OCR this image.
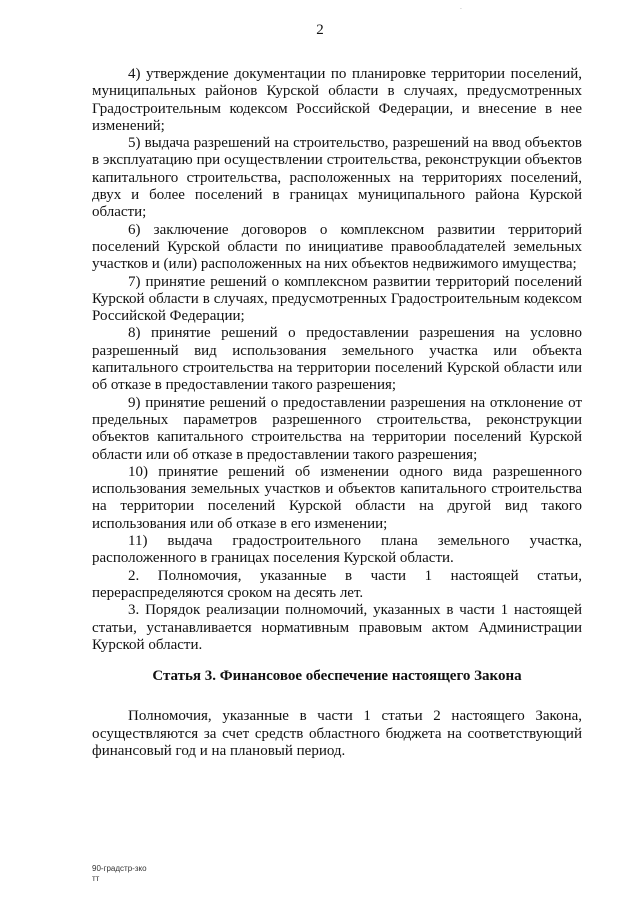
·
2

4) утверждение документации по планировке территории поселений, муниципальных районов Курской области в случаях, предусмотренных Градостроительным кодексом Российской Федерации, и внесение в нее изменений;

5) выдача разрешений на строительство, разрешений на ввод объектов в эксплуатацию при осуществлении строительства, реконструкции объектов капитального строительства, расположенных на территориях поселений, двух и более поселений в границах муниципального района Курской области;

6) заключение договоров о комплексном развитии территорий поселений Курской области по инициативе правообладателей земельных участков и (или) расположенных на них объектов недвижимого имущества;

7) принятие решений о комплексном развитии территорий поселений Курской области в случаях, предусмотренных Градостроительным кодексом Российской Федерации;

8) принятие решений о предоставлении разрешения на условно разрешенный вид использования земельного участка или объекта капитального строительства на территории поселений Курской области или об отказе в предоставлении такого разрешения;

9) принятие решений о предоставлении разрешения на отклонение от предельных параметров разрешенного строительства, реконструкции объектов капитального строительства на территории поселений Курской области или об отказе в предоставлении такого разрешения;

10) принятие решений об изменении одного вида разрешенного использования земельных участков и объектов капитального строительства на территории поселений Курской области на другой вид такого использования или об отказе в его изменении;

11) выдача градостроительного плана земельного участка, расположенного в границах поселения Курской области.

2. Полномочия, указанные в части 1 настоящей статьи, перераспределяются сроком на десять лет.

3. Порядок реализации полномочий, указанных в части 1 настоящей статьи, устанавливается нормативным правовым актом Администрации Курской области.

Статья 3. Финансовое обеспечение настоящего Закона

Полномочия, указанные в части 1 статьи 2 настоящего Закона, осуществляются за счет средств областного бюджета на соответствующий финансовый год и на плановый период.

90-градстр-зко
тт
